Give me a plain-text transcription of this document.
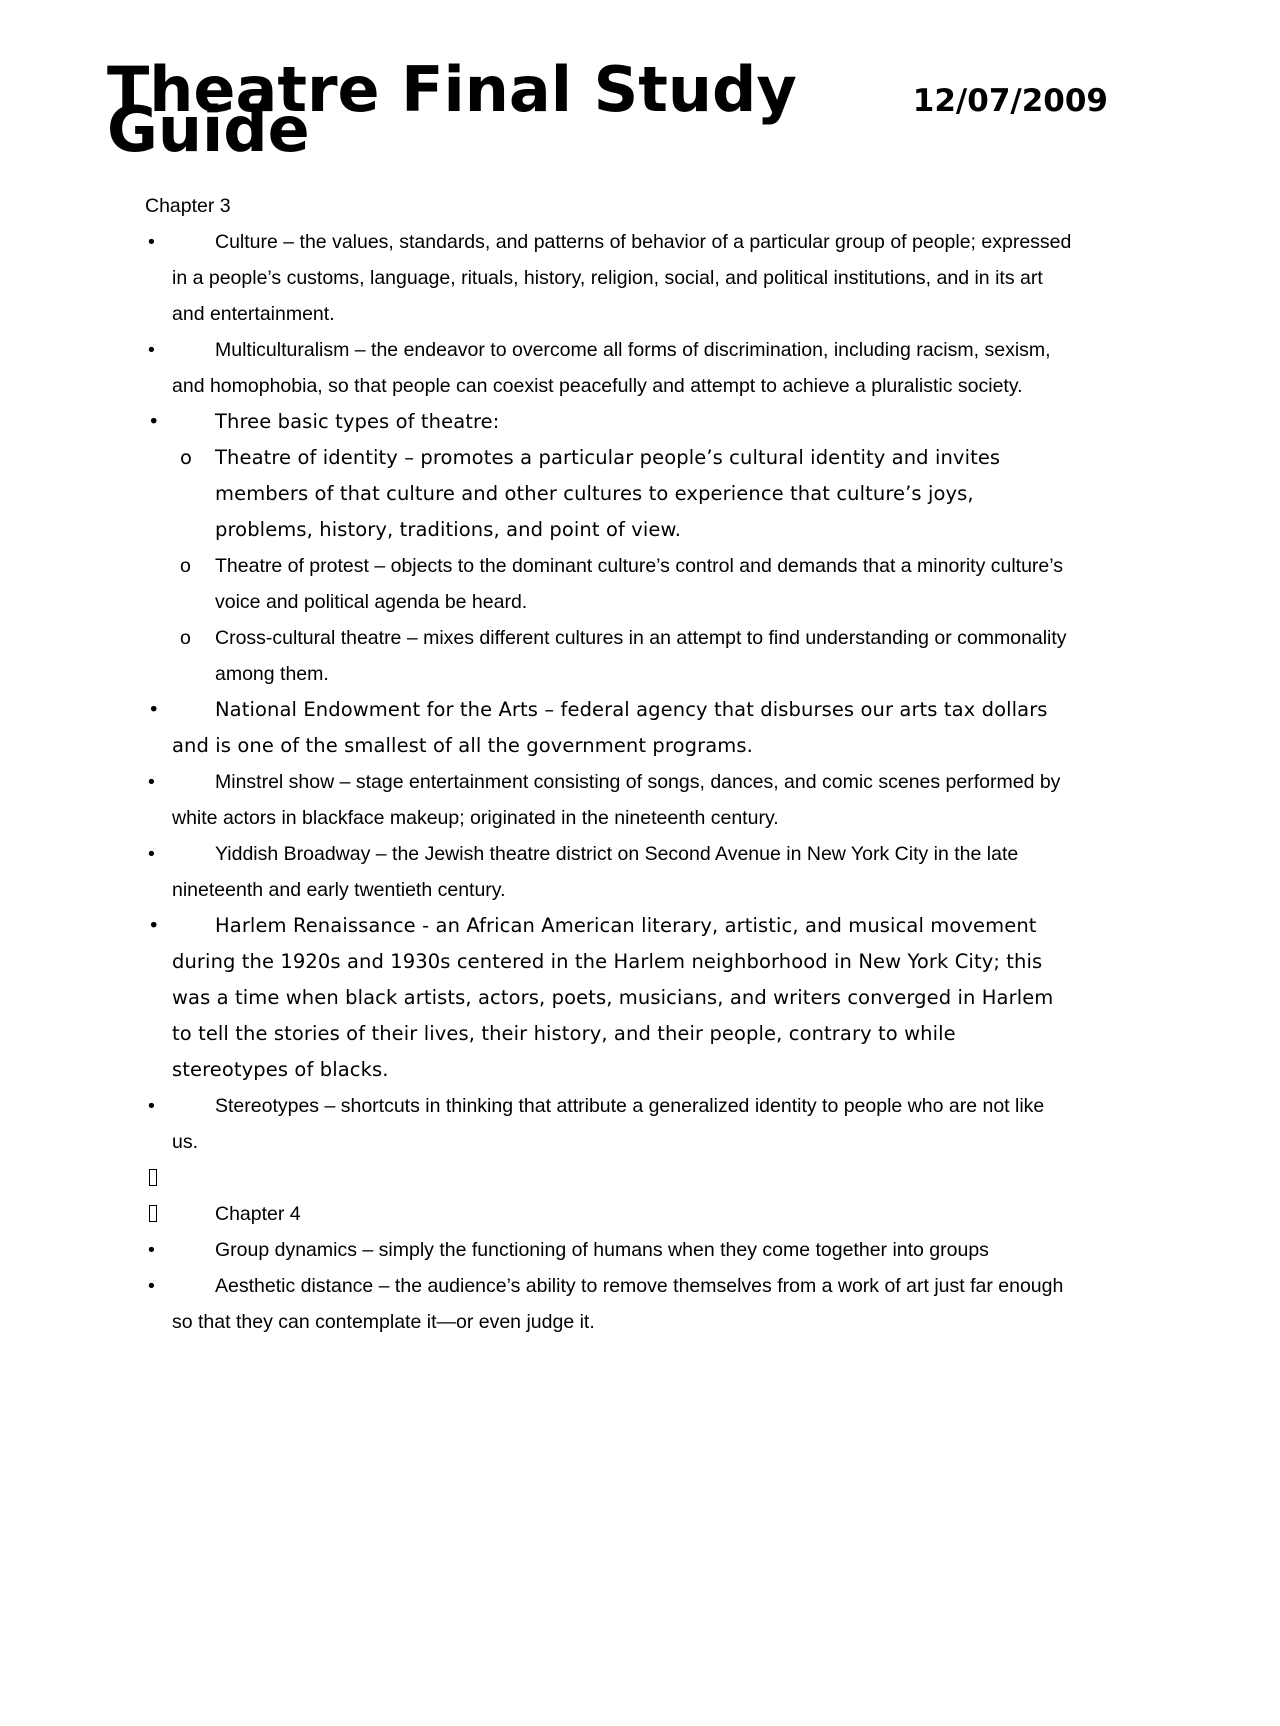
Theatre Final Study Guide	12/07/2009
Chapter 3
•	Culture – the values, standards, and patterns of behavior of a particular group of people; expressed in a people’s customs, language, rituals, history, religion, social, and political institutions, and in its art and entertainment.
•	Multiculturalism – the endeavor to overcome all forms of discrimination, including racism, sexism, and homophobia, so that people can coexist peacefully and attempt to achieve a pluralistic society.
•	Three basic types of theatre:
o Theatre of identity – promotes a particular people’s cultural identity and invites members of that culture and other cultures to experience that culture’s joys, problems, history, traditions, and point of view.
o Theatre of protest – objects to the dominant culture’s control and demands that a minority culture’s voice and political agenda be heard.
o Cross-cultural theatre – mixes different cultures in an attempt to find understanding or commonality among them.
•	National Endowment for the Arts – federal agency that disburses our arts tax dollars and is one of the smallest of all the government programs.
•	Minstrel show – stage entertainment consisting of songs, dances, and comic scenes performed by white actors in blackface makeup; originated in the nineteenth century.
•	Yiddish Broadway – the Jewish theatre district on Second Avenue in New York City in the late nineteenth and early twentieth century.
•	Harlem Renaissance - an African American literary, artistic, and musical movement during the 1920s and 1930s centered in the Harlem neighborhood in New York City; this was a time when black artists, actors, poets, musicians, and writers converged in Harlem to tell the stories of their lives, their history, and their people, contrary to while stereotypes of blacks.
•	Stereotypes – shortcuts in thinking that attribute a generalized identity to people who are not like us.
Chapter 4
•	Group dynamics – simply the functioning of humans when they come together into groups
•	Aesthetic distance – the audience’s ability to remove themselves from a work of art just far enough so that they can contemplate it—or even judge it.
